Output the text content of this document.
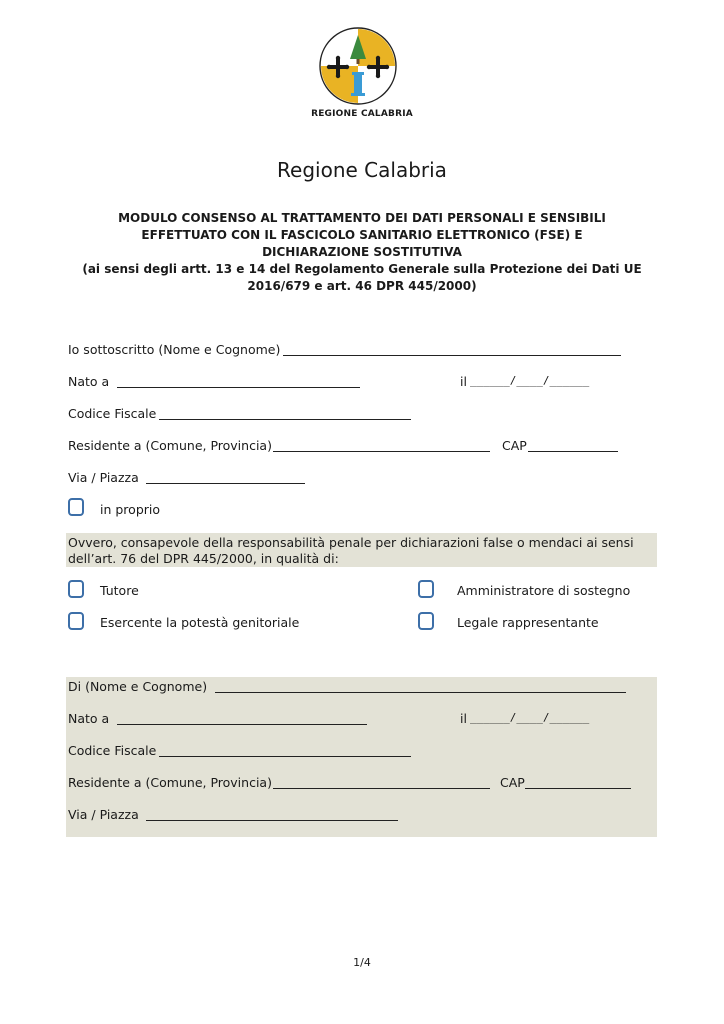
REGIONE CALABRIA
Regione Calabria
MODULO CONSENSO AL TRATTAMENTO DEI DATI PERSONALI E SENSIBILI
EFFETTUATO CON IL FASCICOLO SANITARIO ELETTRONICO (FSE) E
DICHIARAZIONE SOSTITUTIVA
(ai sensi degli artt. 13 e 14 del Regolamento Generale sulla Protezione dei Dati UE
2016/679 e art. 46 DPR 445/2000)
Io sottoscritto (Nome e Cognome)
Nato a	il ______/____/______
Codice Fiscale
Residente a (Comune, Provincia)	CAP
Via / Piazza
in proprio
Ovvero, consapevole della responsabilità penale per dichiarazioni false o mendaci ai sensi
dell’art. 76 del DPR 445/2000, in qualità di:
Tutore	Amministratore di sostegno
Esercente la potestà genitoriale	Legale rappresentante
Di (Nome e Cognome)
Nato a	il ______/____/______
Codice Fiscale
Residente a (Comune, Provincia)	CAP
Via / Piazza
1/4
